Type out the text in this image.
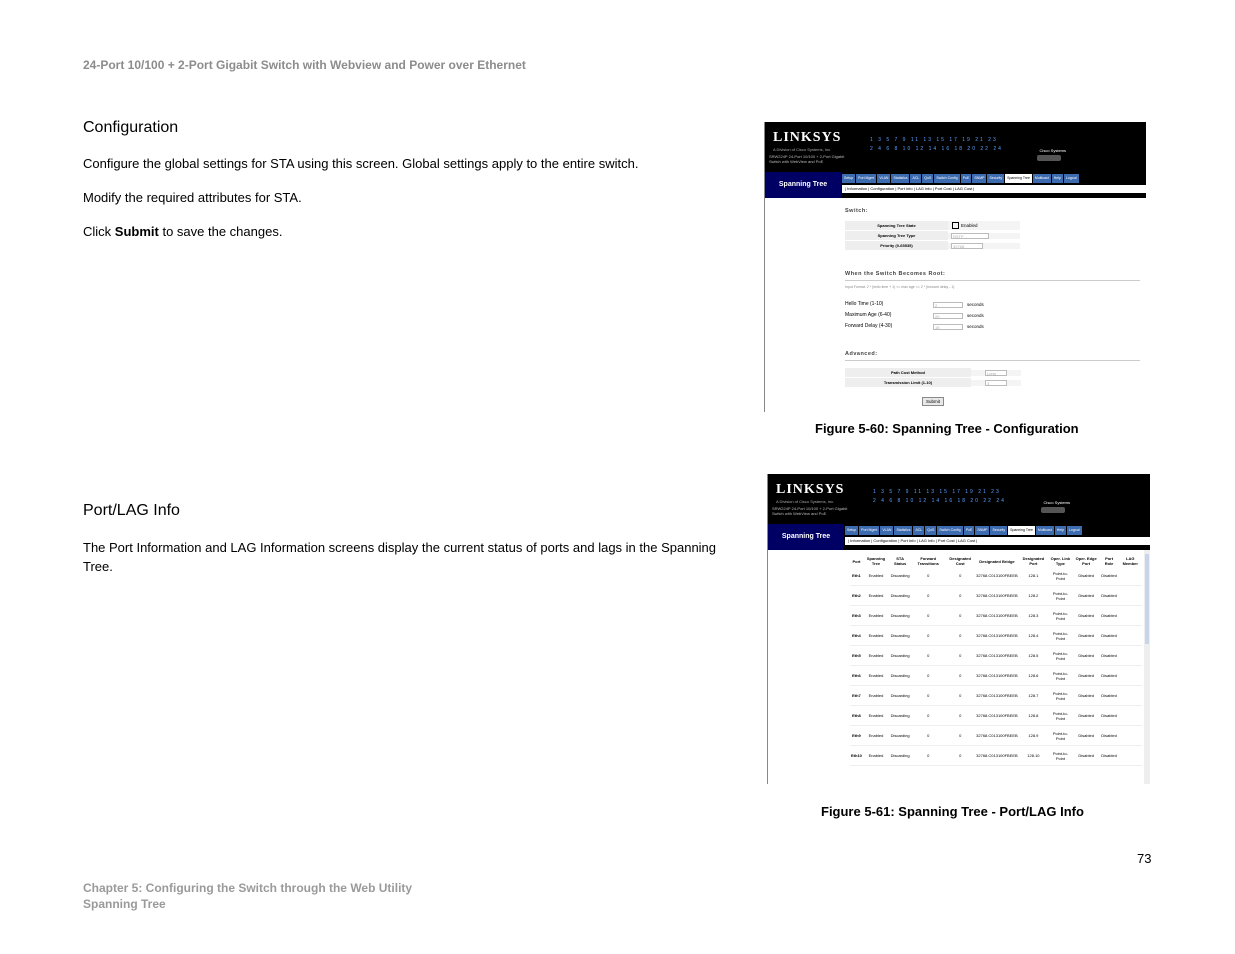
24-Port 10/100 + 2-Port Gigabit Switch with Webview and Power over Ethernet
Configuration
Configure the global settings for STA using this screen. Global settings apply to the entire switch.
Modify the required attributes for STA.
Click Submit to save the changes.
LINKSYS
A Division of Cisco Systems, Inc.
SRW224P 24-Port 10/100 + 2-Port Gigabit Switch with WebView and PoE
1 3 5 7 9 11 13 15 17 19 21 23
2 4 6 8 10 12 14 16 18 20 22 24	Cisco Systems
Spanning Tree
Setup	Port Mgmt	VLAN	Statistics	ACL	QoS	Switch Config	PoE	SNMP	Security	Spanning Tree	Multicast	Help	Logout
| Information | Configuration | Port Info | LAG Info | Port Cost | LAG Cost |
Switch:
Spanning Tree State	Enabled
Spanning Tree Type	RSTP
Priority (0-65535)	32768
When the Switch Becomes Root:
Input Format: 2 * (hello time + 1) <= max age <= 2 * (forward delay - 1)
Hello Time (1-10)	2	seconds
Maximum Age (6-40)	20	seconds
Forward Delay (4-30)	15	seconds
Advanced:
Path Cost Method	Long
Transmission Limit (1-10)	3
Submit
Figure 5-60: Spanning Tree - Configuration
Port/LAG Info
The Port Information and LAG Information screens display the current status of ports and lags in the Spanning Tree.
LINKSYS
A Division of Cisco Systems, Inc.
SRW224P 24-Port 10/100 + 2-Port Gigabit Switch with WebView and PoE
1 3 5 7 9 11 13 15 17 19 21 23
2 4 6 8 10 12 14 16 18 20 22 24	Cisco Systems
Spanning Tree
Setup	Port Mgmt	VLAN	Statistics	ACL	QoS	Switch Config	PoE	SNMP	Security	Spanning Tree	Multicast	Help	Logout
| Information | Configuration | Port Info | LAG Info | Port Cost | LAG Cost |
Port	Spanning Tree	STA Status	Forward Transitions	Designated Cost	Designated Bridge	Designated Port	Oper. Link Type	Oper. Edge Port	Port Role	LAG Member
Eth1	Enabled	Discarding	0	0	32768.C013100FBEEB	128.1	Point-to-Point	Disabled	Disabled	
Eth2	Enabled	Discarding	0	0	32768.C013100FBEEB	128.2	Point-to-Point	Disabled	Disabled	
Eth3	Enabled	Discarding	0	0	32768.C013100FBEEB	128.3	Point-to-Point	Disabled	Disabled	
Eth4	Enabled	Discarding	0	0	32768.C013100FBEEB	128.4	Point-to-Point	Disabled	Disabled	
Eth5	Enabled	Discarding	0	0	32768.C013100FBEEB	128.5	Point-to-Point	Disabled	Disabled	
Eth6	Enabled	Discarding	0	0	32768.C013100FBEEB	128.6	Point-to-Point	Disabled	Disabled	
Eth7	Enabled	Discarding	0	0	32768.C013100FBEEB	128.7	Point-to-Point	Disabled	Disabled	
Eth8	Enabled	Discarding	0	0	32768.C013100FBEEB	128.8	Point-to-Point	Disabled	Disabled	
Eth9	Enabled	Discarding	0	0	32768.C013100FBEEB	128.9	Point-to-Point	Disabled	Disabled	
Eth10	Enabled	Discarding	0	0	32768.C013100FBEEB	128.10	Point-to-Point	Disabled	Disabled	
Figure 5-61: Spanning Tree - Port/LAG Info
73
Chapter 5: Configuring the Switch through the Web Utility
Spanning Tree
